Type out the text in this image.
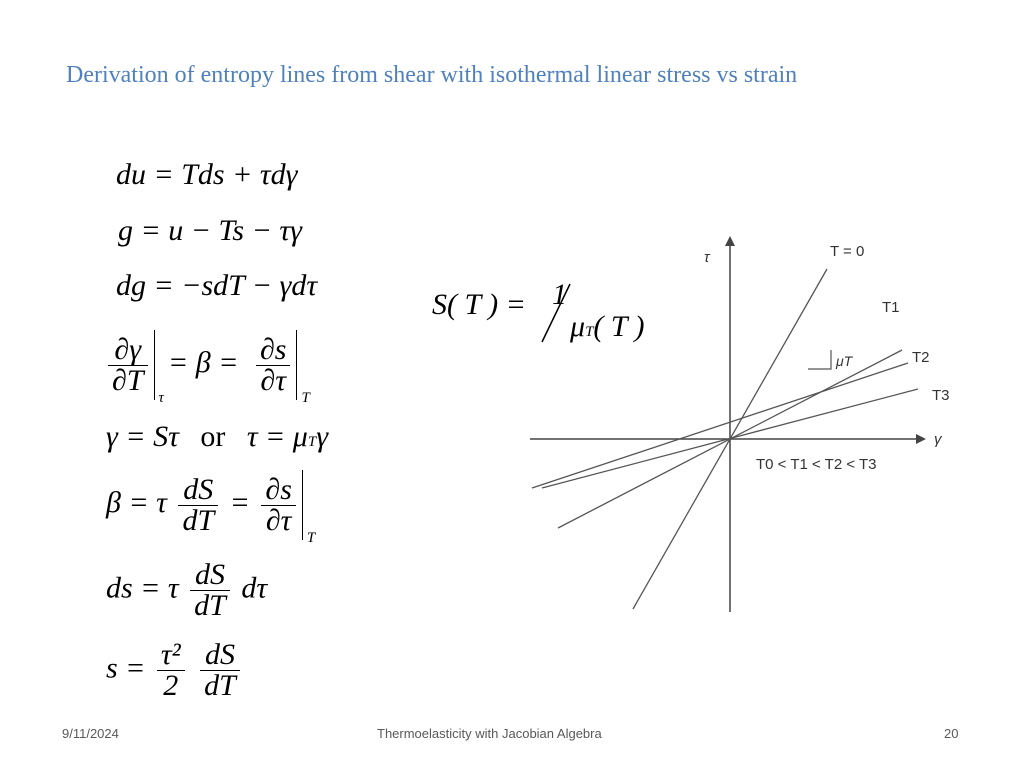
Derivation of entropy lines from shear with isothermal linear stress vs strain
du = Tds + τdγ
g = u − Ts − τγ
dg = −sdT − γdτ
$\frac{\partial\gamma}{\partial T}$
τ
= $\beta = \frac{\partial s}{\partial\tau}$
T
γ = Sτ or τ = μTγ
β = τ $\frac{dS}{dT} = \frac{\partial s}{\partial\tau}$
T
ds = τ $\frac{dS}{dT}$ dτ
$s = \frac{\text{τ²}}{2}$
$\frac{dS}{dT}$
S( T ) = 1
μT( T )
τ
γ
T = 0
T1
T2
T3
μT
T0 < T1 < T2 < T3
9/11/2024	Thermoelasticity with Jacobian Algebra	20
